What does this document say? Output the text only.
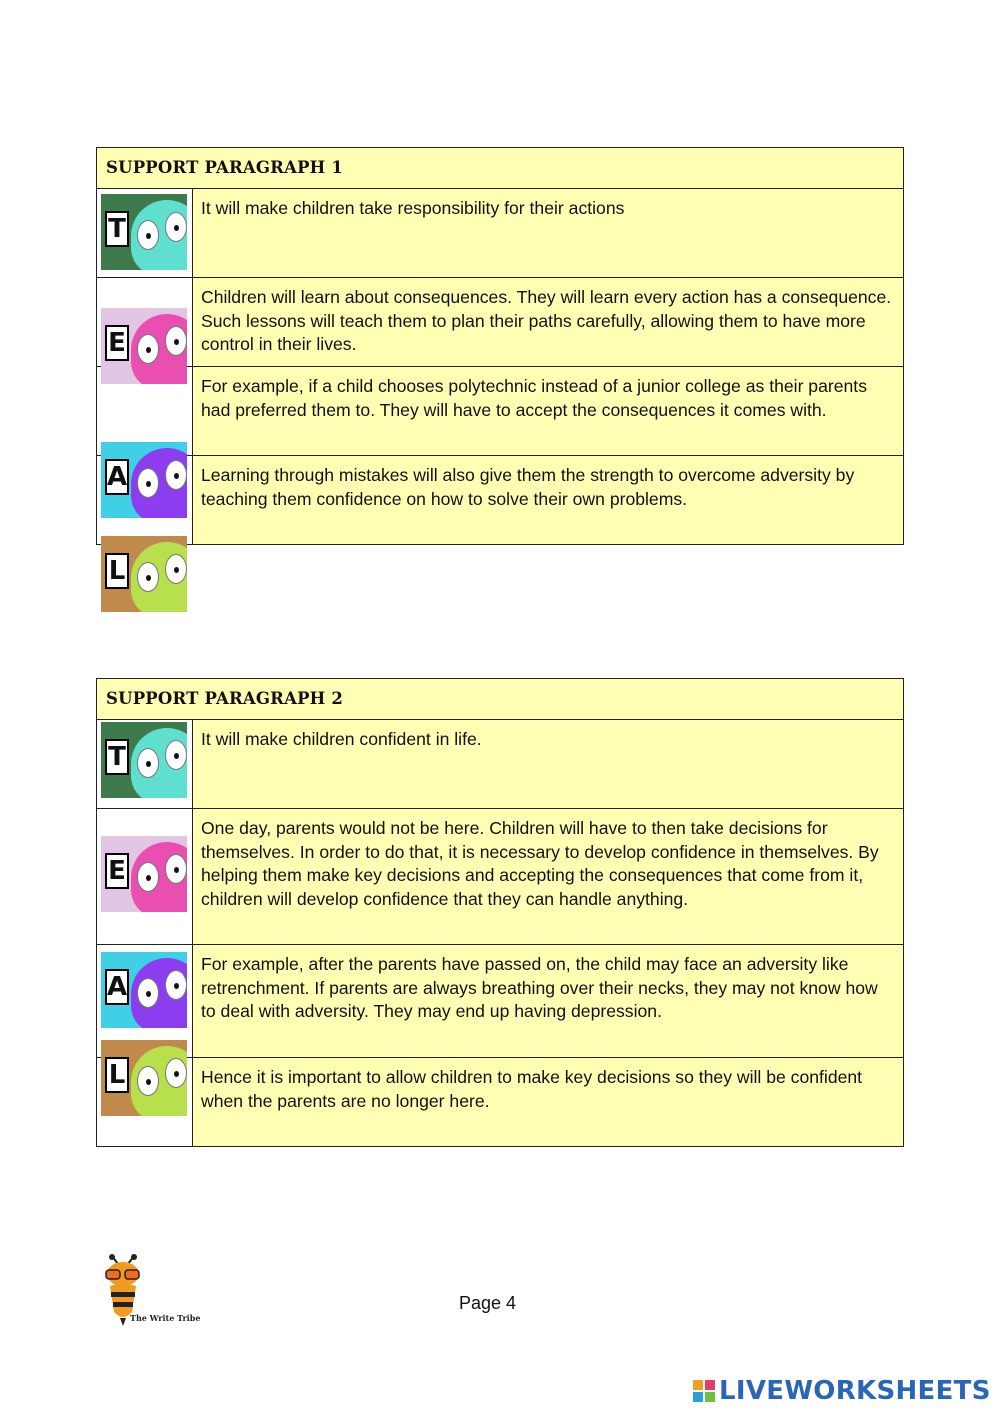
SUPPORT PARAGRAPH 1
It will make children take responsibility for their actions
Children will learn about consequences. They will learn every action has a consequence. Such lessons will teach them to plan their paths carefully, allowing them to have more control in their lives.
For example, if a child chooses polytechnic instead of a junior college as their parents had preferred them to. They will have to accept the consequences it comes with.
Learning through mistakes will also give them the strength to overcome adversity by teaching them confidence on how to solve their own problems.
SUPPORT PARAGRAPH 2
It will make children confident in life.
One day, parents would not be here. Children will have to then take decisions for themselves. In order to do that, it is necessary to develop confidence in themselves. By helping them make key decisions and accepting the consequences that come from it, children will develop confidence that they can handle anything.
For example, after the parents have passed on, the child may face an adversity like retrenchment. If parents are always breathing over their necks, they may not know how to deal with adversity. They may end up having depression.
Hence it is important to allow children to make key decisions so they will be confident when the parents are no longer here.
T
E
A
L
T
E
A
L
The Write Tribe
Page 4
LIVEWORKSHEETS
